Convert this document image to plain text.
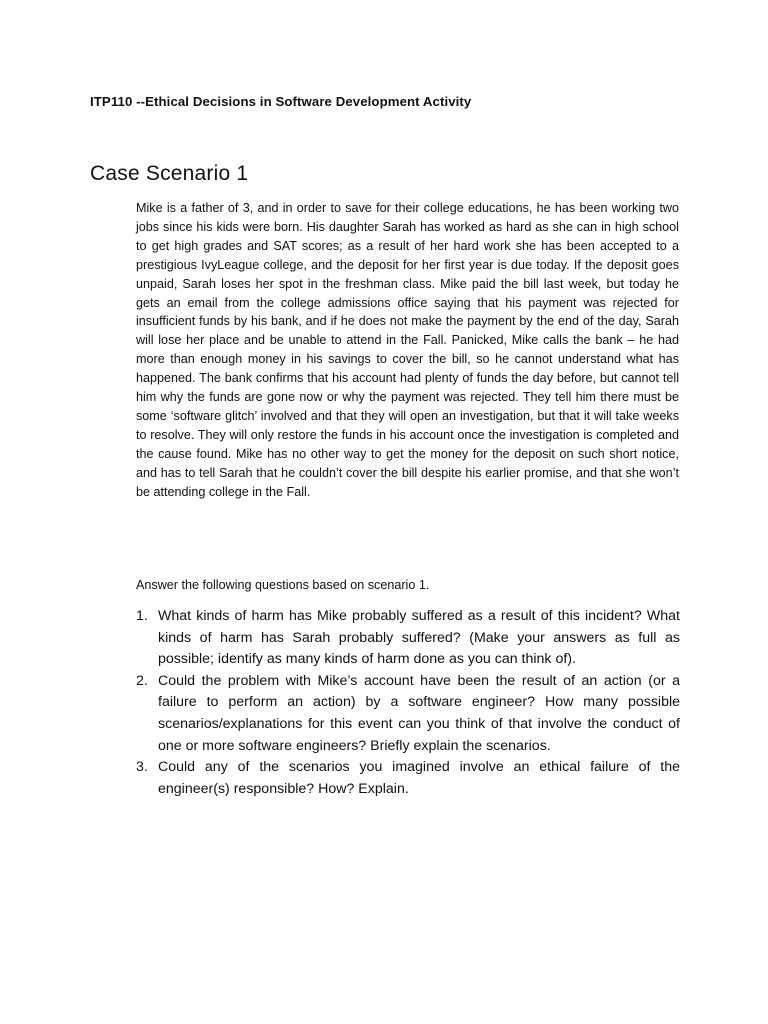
ITP110 --Ethical Decisions in Software Development Activity
Case Scenario 1

Mike is a father of 3, and in order to save for their college educations, he has been working two jobs since his kids were born. His daughter Sarah has worked as hard as she can in high school to get high grades and SAT scores; as a result of her hard work she has been accepted to a prestigious IvyLeague college, and the deposit for her first year is due today. If the deposit goes unpaid, Sarah loses her spot in the freshman class. Mike paid the bill last week, but today he gets an email from the college admissions office saying that his payment was rejected for insufficient funds by his bank, and if he does not make the payment by the end of the day, Sarah will lose her place and be unable to attend in the Fall. Panicked, Mike calls the bank – he had more than enough money in his savings to cover the bill, so he cannot understand what has happened. The bank confirms that his account had plenty of funds the day before, but cannot tell him why the funds are gone now or why the payment was rejected. They tell him there must be some ‘software glitch’ involved and that they will open an investigation, but that it will take weeks to resolve. They will only restore the funds in his account once the investigation is completed and the cause found. Mike has no other way to get the money for the deposit on such short notice, and has to tell Sarah that he couldn’t cover the bill despite his earlier promise, and that she won’t be attending college in the Fall.

Answer the following questions based on scenario 1.

1. What kinds of harm has Mike probably suffered as a result of this incident? What kinds of harm has Sarah probably suffered? (Make your answers as full as possible; identify as many kinds of harm done as you can think of).
2. Could the problem with Mike’s account have been the result of an action (or a failure to perform an action) by a software engineer? How many possible scenarios/explanations for this event can you think of that involve the conduct of one or more software engineers? Briefly explain the scenarios.
3. Could any of the scenarios you imagined involve an ethical failure of the engineer(s) responsible? How? Explain.
